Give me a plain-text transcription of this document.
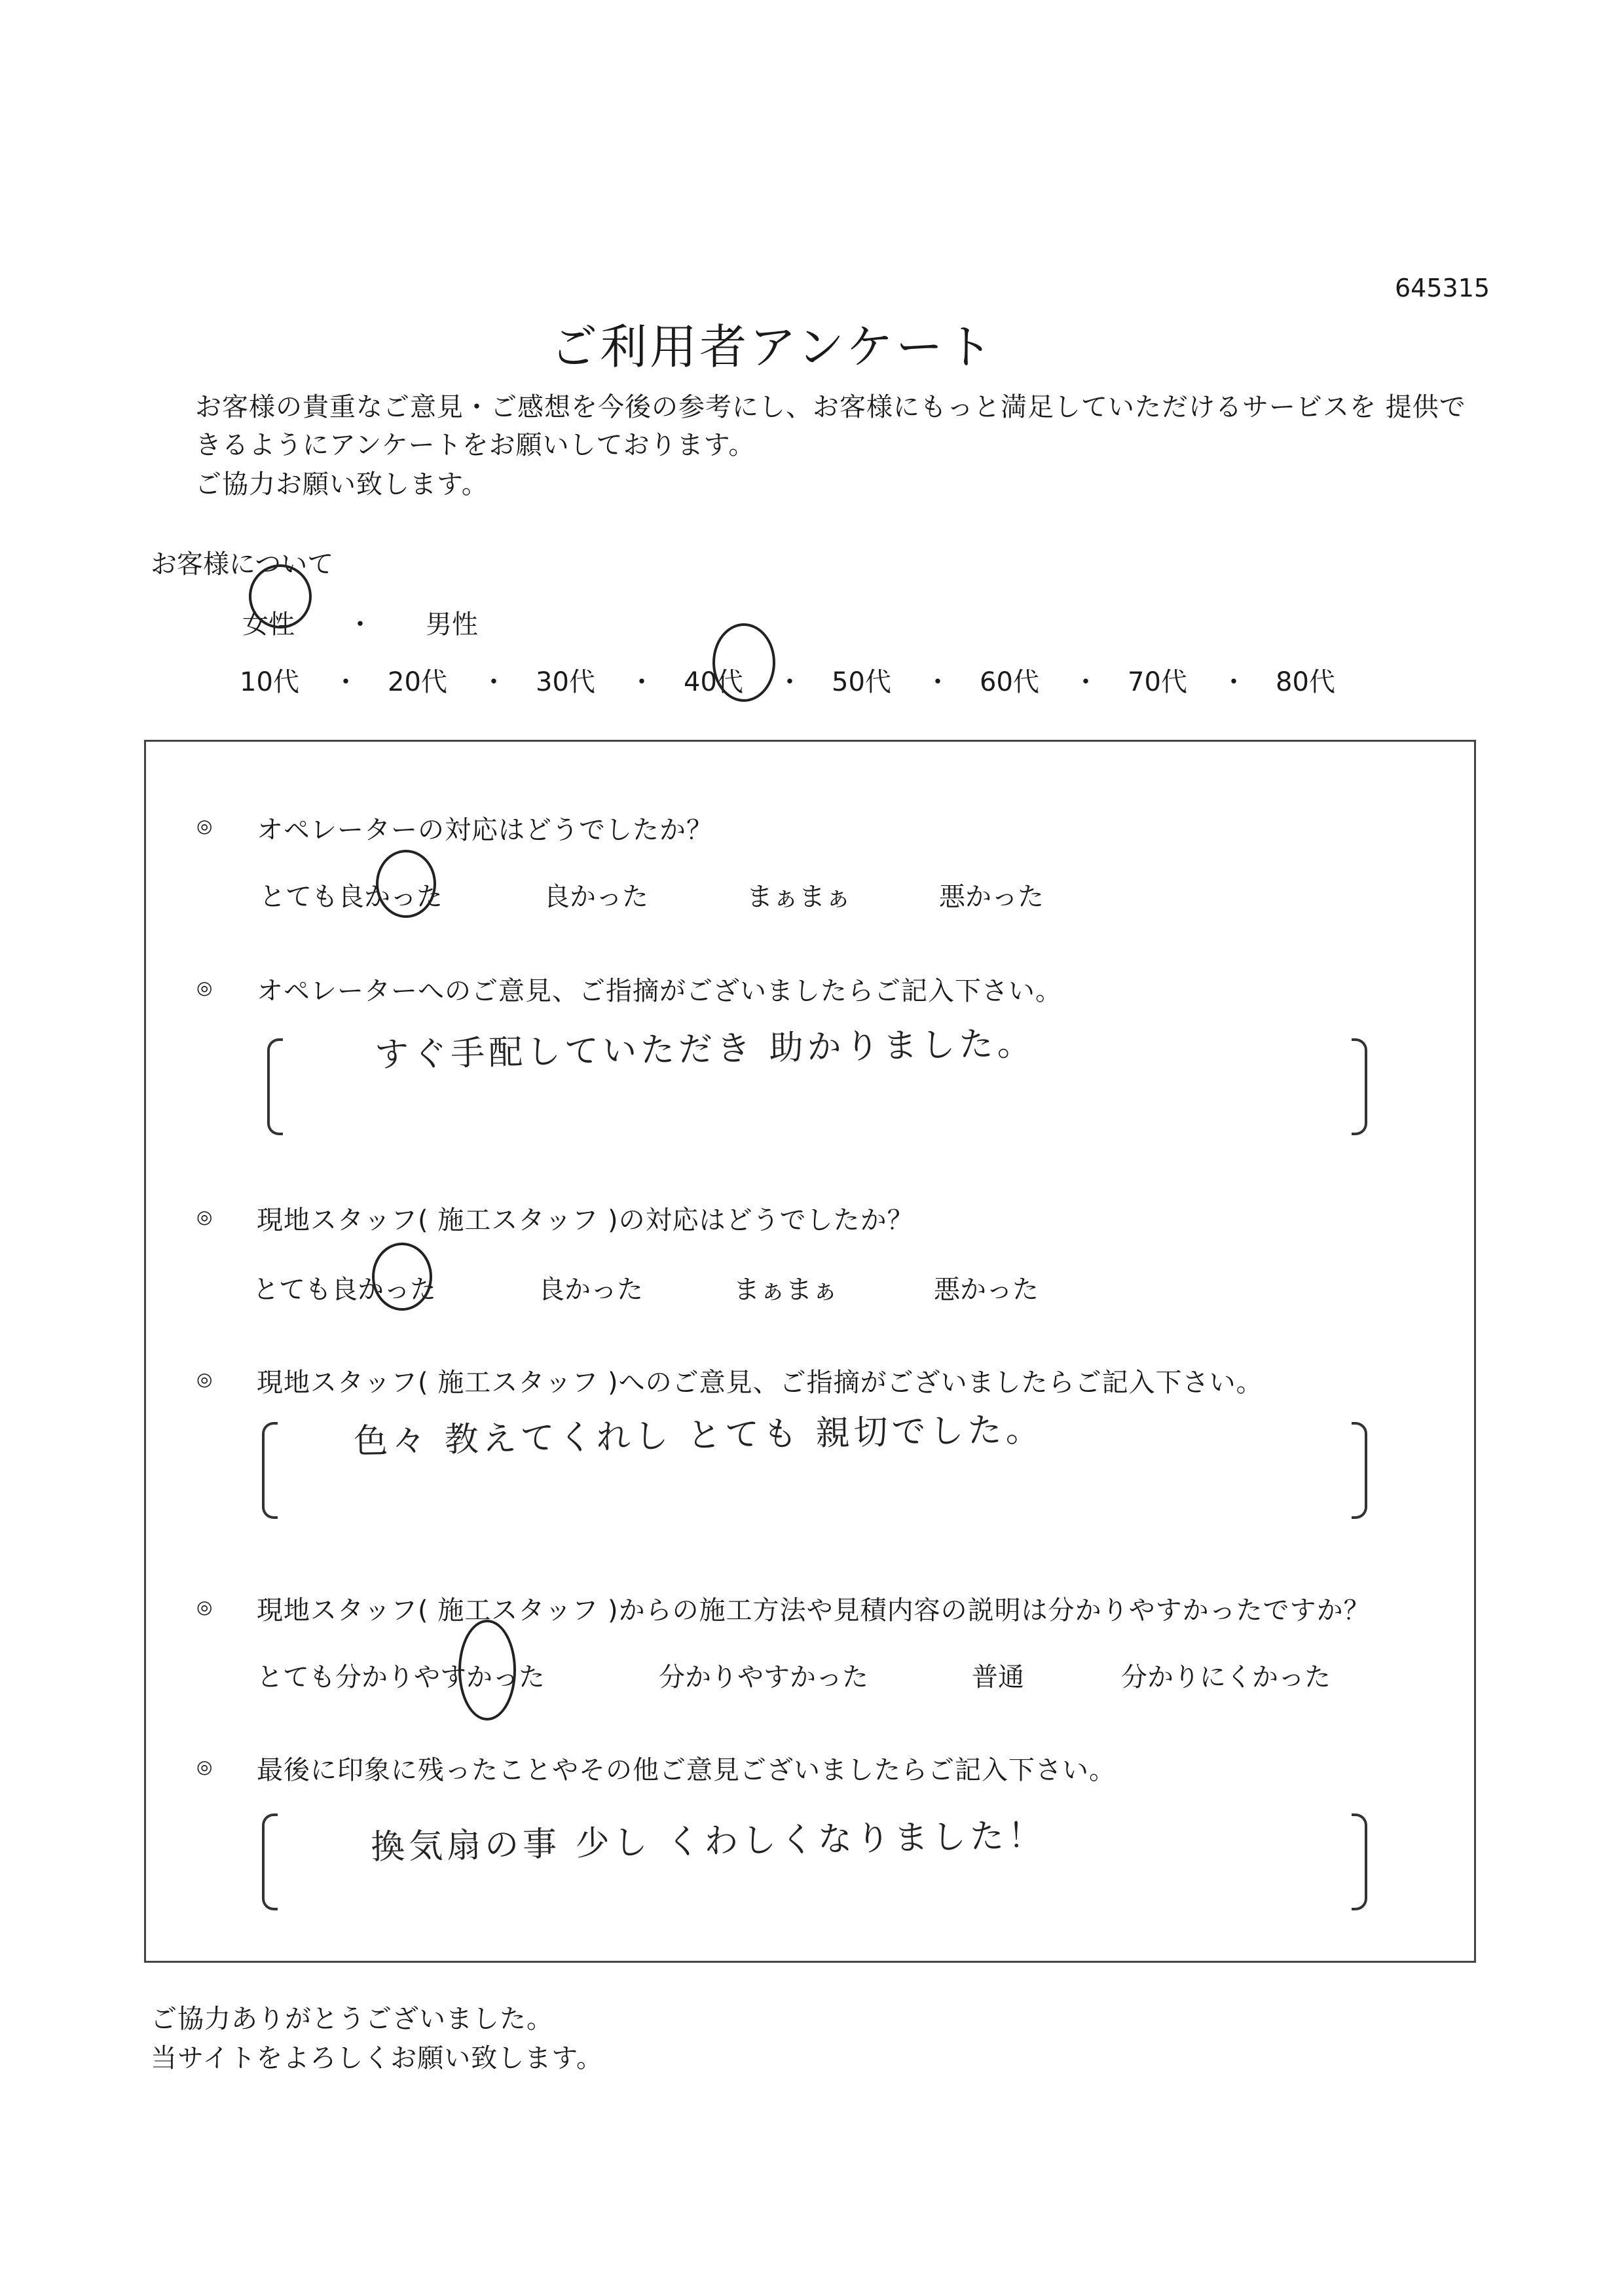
645315
ご利用者アンケート
お客様の貴重なご意見・ご感想を今後の参考にし、お客様にもっと満足していただけるサービスを 提供で
きるようにアンケートをお願いしております。
ご協力お願い致します。
お客様について
女性 ・ 男性
10代 ・ 20代 ・ 30代 ・ 40代 ・ 50代 ・ 60代 ・ 70代 ・ 80代
◎ オペレーターの対応はどうでしたか？
とても良かった	良かった	まぁまぁ	悪かった
◎ オペレーターへのご意見、ご指摘がございましたらご記入下さい。
すぐ手配していただき 助かりました。
◎ 現地スタッフ( 施工スタッフ )の対応はどうでしたか？
とても良かった	良かった	まぁまぁ	悪かった
◎ 現地スタッフ( 施工スタッフ )へのご意見、ご指摘がございましたらご記入下さい。
色々 教えてくれし とても 親切でした。
◎ 現地スタッフ( 施工スタッフ )からの施工方法や見積内容の説明は分かりやすかったですか？
とても分かりやすかった	分かりやすかった	普通	分かりにくかった
◎ 最後に印象に残ったことやその他ご意見ございましたらご記入下さい。
換気扇の事 少し くわしくなりました！
ご協力ありがとうございました。
当サイトをよろしくお願い致します。
